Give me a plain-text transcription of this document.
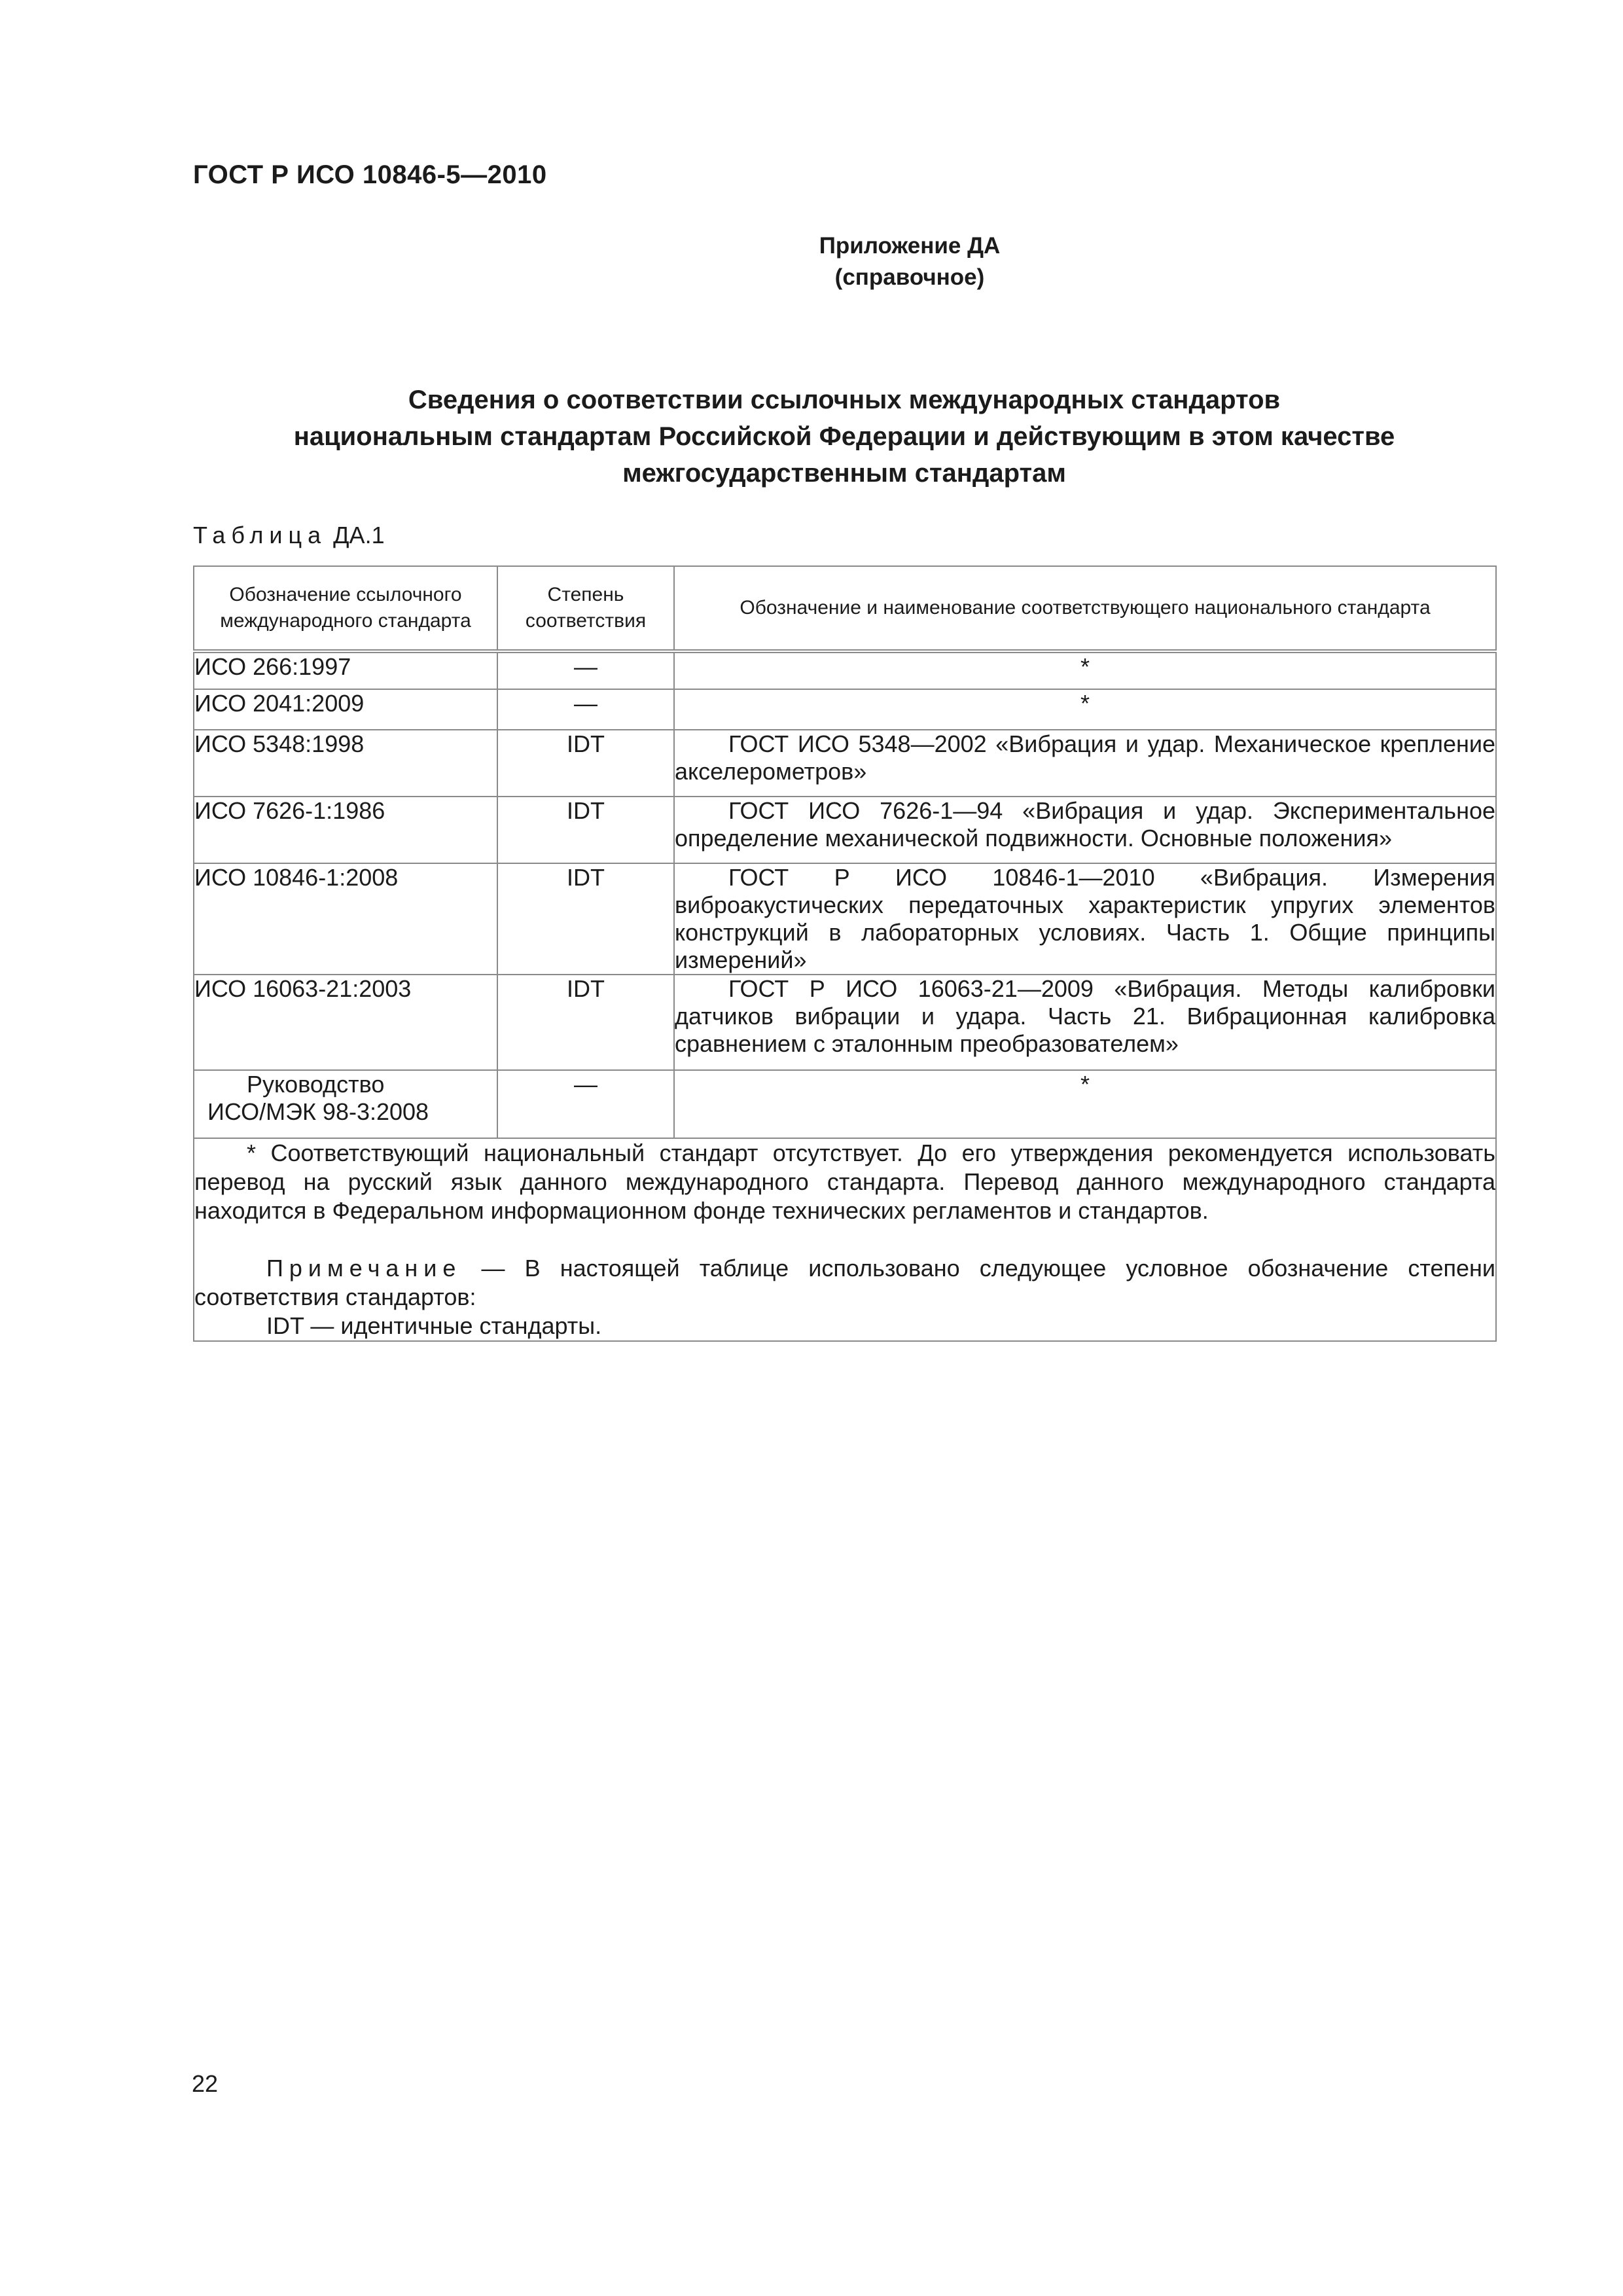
ГОСТ Р ИСО 10846-5—2010
Приложение ДА
(справочное)
Сведения о соответствии ссылочных международных стандартов
национальным стандартам Российской Федерации и действующим в этом качестве
межгосударственным стандартам
Таблица ДА.1
Обозначение ссылочного международного стандарта	Степень соответствия	Обозначение и наименование соответствующего национального стандарта
ИСО 266:1997	—	*
ИСО 2041:2009	—	*
ИСО 5348:1998	IDT	ГОСТ ИСО 5348—2002 «Вибрация и удар. Механическое крепление акселерометров»
ИСО 7626-1:1986	IDT	ГОСТ ИСО 7626-1—94 «Вибрация и удар. Экспериментальное определение механической подвижности. Основные положения»
ИСО 10846-1:2008	IDT	ГОСТ Р ИСО 10846-1—2010 «Вибрация. Измерения виброакустических передаточных характеристик упругих элементов конструкций в лабораторных условиях. Часть 1. Общие принципы измерений»
ИСО 16063-21:2003	IDT	ГОСТ Р ИСО 16063-21—2009 «Вибрация. Методы калибровки датчиков вибрации и удара. Часть 21. Вибрационная калибровка сравнением с эталонным преобразователем»

Руководство
ИСО/МЭК 98-3:2008	—	*

* Соответствующий национальный стандарт отсутствует. До его утверждения рекомендуется использовать перевод на русский язык данного международного стандарта. Перевод данного международного стандарта находится в Федеральном информационном фонде технических регламентов и стандартов.

Примечание — В настоящей таблице использовано следующее условное обозначение степени соответствия стандартов:

IDT — идентичные стандарты.		

22
